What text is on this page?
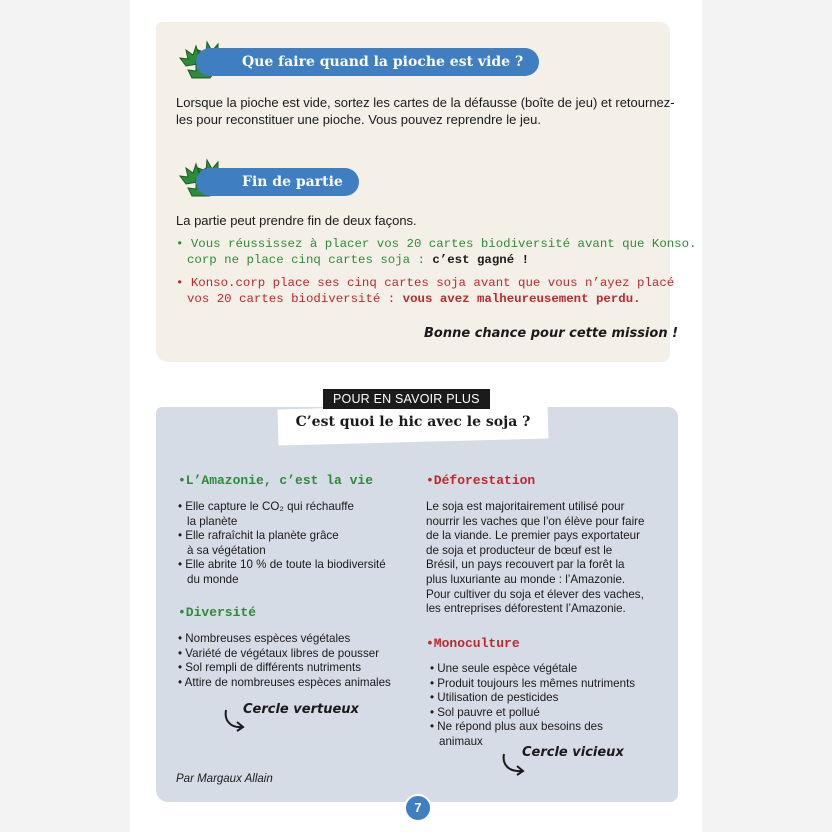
Que faire quand la pioche est vide ?
Lorsque la pioche est vide, sortez les cartes de la défausse (boîte de jeu) et retournez-
les pour reconstituer une pioche. Vous pouvez reprendre le jeu.
Fin de partie
La partie peut prendre fin de deux façons.
• Vous réussissez à placer vos 20 cartes biodiversité avant que Konso.
corp ne place cinq cartes soja : c’est gagné !
• Konso.corp place ses cinq cartes soja avant que vous n’ayez placé
vos 20 cartes biodiversité : vous avez malheureusement perdu.
Bonne chance pour cette mission !
POUR EN SAVOIR PLUS
C’est quoi le hic avec le soja ?
•L’Amazonie, c’est la vie
• Elle capture le CO₂ qui réchauffe
la planète
• Elle rafraîchit la planète grâce
à sa végétation
• Elle abrite 10 % de toute la biodiversité
du monde
•Diversité
• Nombreuses espèces végétales
• Variété de végétaux libres de pousser
• Sol rempli de différents nutriments
• Attire de nombreuses espèces animales
Cercle vertueux
•Déforestation
Le soja est majoritairement utilisé pour
nourrir les vaches que l’on élève pour faire
de la viande. Le premier pays exportateur
de soja et producteur de bœuf est le
Brésil, un pays recouvert par la forêt la
plus luxuriante au monde : l’Amazonie.
Pour cultiver du soja et élever des vaches,
les entreprises déforestent l’Amazonie.
•Monoculture
• Une seule espèce végétale
• Produit toujours les mêmes nutriments
• Utilisation de pesticides
• Sol pauvre et pollué
• Ne répond plus aux besoins des
animaux
Cercle vicieux
Par Margaux Allain
7
